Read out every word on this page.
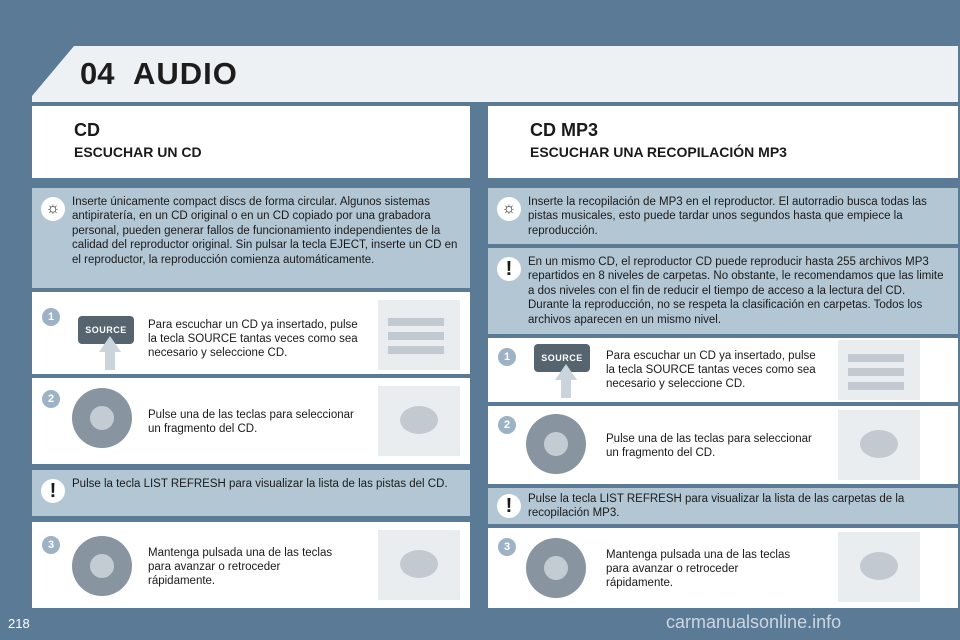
04 AUDIO
CD
ESCUCHAR UN CD
☼	Inserte únicamente compact discs de forma circular. Algunos sistemas antipiratería, en un CD original o en un CD copiado por una grabadora personal, pueden generar fallos de funcionamiento independientes de la calidad del reproductor original. Sin pulsar la tecla EJECT, inserte un CD en el reproductor, la reproducción comienza automáticamente.
1
SOURCE	Para escuchar un CD ya insertado, pulse la tecla SOURCE tantas veces como sea necesario y seleccione CD.
2
Pulse una de las teclas para seleccionar un fragmento del CD.
!	Pulse la tecla LIST REFRESH para visualizar la lista de las pistas del CD.
3
Mantenga pulsada una de las teclas para avanzar o retroceder rápidamente.
CD MP3
ESCUCHAR UNA RECOPILACIÓN MP3
☼	Inserte la recopilación de MP3 en el reproductor. El autorradio busca todas las pistas musicales, esto puede tardar unos segundos hasta que empiece la reproducción.
!	En un mismo CD, el reproductor CD puede reproducir hasta 255 archivos MP3 repartidos en 8 niveles de carpetas. No obstante, le recomendamos que las limite a dos niveles con el fin de reducir el tiempo de acceso a la lectura del CD. Durante la reproducción, no se respeta la clasificación en carpetas. Todos los archivos aparecen en un mismo nivel.
1	SOURCE	Para escuchar un CD ya insertado, pulse la tecla SOURCE tantas veces como sea necesario y seleccione CD.
2
Pulse una de las teclas para seleccionar un fragmento del CD.
!	Pulse la tecla LIST REFRESH para visualizar la lista de las carpetas de la recopilación MP3.
3
Mantenga pulsada una de las teclas para avanzar o retroceder rápidamente.
218	carmanualsonline.info
